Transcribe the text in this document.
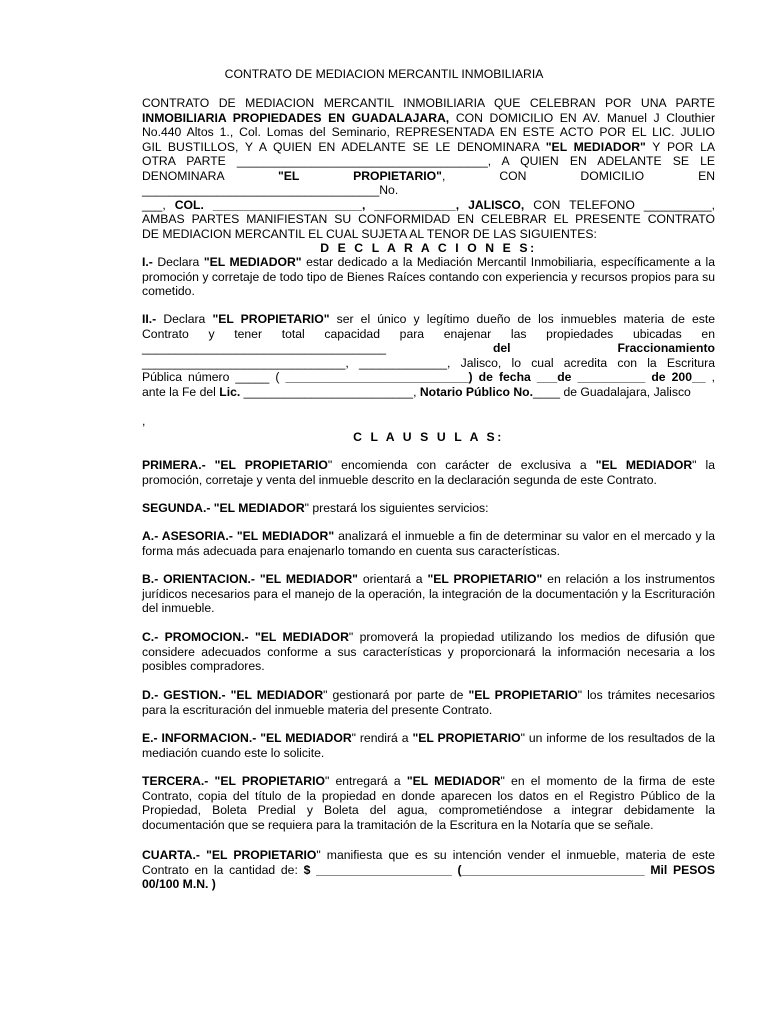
CONTRATO DE MEDIACION MERCANTIL INMOBILIARIA
CONTRATO DE MEDIACION MERCANTIL INMOBILIARIA QUE CELEBRAN POR UNA PARTE
INMOBILIARIA PROPIEDADES EN GUADALAJARA, CON DOMICILIO EN AV. Manuel J Clouthier
No.440 Altos 1., Col. Lomas del Seminario, REPRESENTADA EN ESTE ACTO POR EL LIC. JULIO
GIL BUSTILLOS, Y A QUIEN EN ADELANTE SE LE DENOMINARA "EL MEDIADOR" Y POR LA
OTRA PARTE _____________________________________, A QUIEN EN ADELANTE SE LE
DENOMINARA "EL PROPIETARIO", CON DOMICILIO EN ___________________________________No.
___, COL. ______________________, ____________, JALISCO, CON TELEFONO __________,
AMBAS PARTES MANIFIESTAN SU CONFORMIDAD EN CELEBRAR EL PRESENTE CONTRATO
DE MEDIACION MERCANTIL EL CUAL SUJETA AL TENOR DE LAS SIGUIENTES:
D E C L A R A C I O N E S:
I.- Declara "EL MEDIADOR" estar dedicado a la Mediación Mercantil Inmobiliaria, específicamente a la promoción y corretaje de todo tipo de Bienes Raíces contando con experiencia y recursos propios para su cometido.
II.- Declara "EL PROPIETARIO" ser el único y legítimo dueño de los inmuebles materia de este
Contrato y tener total capacidad para enajenar las propiedades ubicadas en
____________________________________	del	Fraccionamiento
______________________________, _____________, Jalisco, lo cual acredita con la Escritura
Pública número _____ ( ___________________________) de fecha ___de __________ de 200__ ,
ante la Fe del Lic. _________________________, Notario Público No.____ de Guadalajara, Jalisco
,
C L A U S U L A S:
PRIMERA.- "EL PROPIETARIO" encomienda con carácter de exclusiva a "EL MEDIADOR" la promoción, corretaje y venta del inmueble descrito en la declaración segunda de este Contrato.
SEGUNDA.- "EL MEDIADOR" prestará los siguientes servicios:
A.- ASESORIA.- "EL MEDIADOR" analizará el inmueble a fin de determinar su valor en el mercado y la forma más adecuada para enajenarlo tomando en cuenta sus características.
B.- ORIENTACION.- "EL MEDIADOR" orientará a "EL PROPIETARIO" en relación a los instrumentos jurídicos necesarios para el manejo de la operación, la integración de la documentación y la Escrituración del inmueble.
C.- PROMOCION.- "EL MEDIADOR" promoverá la propiedad utilizando los medios de difusión que considere adecuados conforme a sus características y proporcionará la información necesaria a los posibles compradores.
D.- GESTION.- "EL MEDIADOR" gestionará por parte de "EL PROPIETARIO" los trámites necesarios para la escrituración del inmueble materia del presente Contrato.
E.- INFORMACION.- "EL MEDIADOR" rendirá a "EL PROPIETARIO" un informe de los resultados de la mediación cuando este lo solicite.
TERCERA.- "EL PROPIETARIO" entregará a "EL MEDIADOR" en el momento de la firma de este Contrato, copia del título de la propiedad en donde aparecen los datos en el Registro Público de la Propiedad, Boleta Predial y Boleta del agua, comprometiéndose a integrar debidamente la documentación que se requiera para la tramitación de la Escritura en la Notaría que se señale.
CUARTA.- "EL PROPIETARIO" manifiesta que es su intención vender el inmueble, materia de este Contrato en la cantidad de: $ ____________________ (___________________________ Mil PESOS 00/100 M.N. )
